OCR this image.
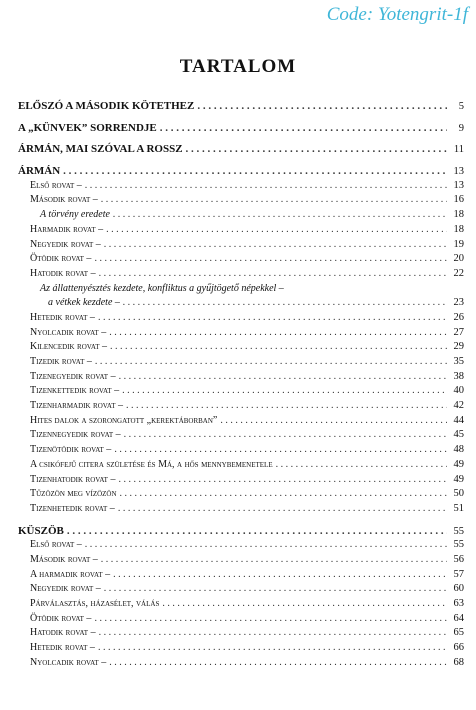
Code: Yotengrit-1f
TARTALOM
ELŐSZÓ A MÁSODIK KÖTETHEZ . . .	5
A „KÜNVEK” SORRENDJE . . .	9
ÁRMÁN, MAI SZÓVAL A ROSSZ . . .	11
ÁRMÁN . . .	13
Első rovat – . . .	13
Második rovat – . . .	16
A törvény eredete . . .	18
Harmadik rovat – . . .	18
Negyedik rovat – . . .	19
Ötödik rovat – . . .	20
Hatodik rovat – . . .	22
Az állattenyésztés kezdete, konfliktus a gyűjtögető népekkel –
a vétkek kezdete – . . .	23
Hetedik rovat – . . .	26
Nyolcadik rovat – . . .	27
Kilencedik rovat – . . .	29
Tizedik rovat – . . .	35
Tizenegyedik rovat – . . .	38
Tizenkettedik rovat – . . .	40
Tizenharmadik rovat – . . .	42
Hites dalok a szorongatott „kerektáborban” . . .	44
Tizennegyedik rovat – . . .	45
Tizenötödik rovat – . . .	48
A csikófejű citera születése és Má, a hős mennybemenetele . . .	49
Tizenhatodik rovat – . . .	49
Tűzözön meg vízözön . . .	50
Tizenhetedik rovat – . . .	51
KÜSZÖB . . .	55
Első rovat – . . .	55
Második rovat – . . .	56
A harmadik rovat – . . .	57
Negyedik rovat – . . .	60
Párválasztás, házasélet, válás . . .	63
Ötödik rovat – . . .	64
Hatodik rovat – . . .	65
Hetedik rovat – . . .	66
Nyolcadik rovat – . . .	68
